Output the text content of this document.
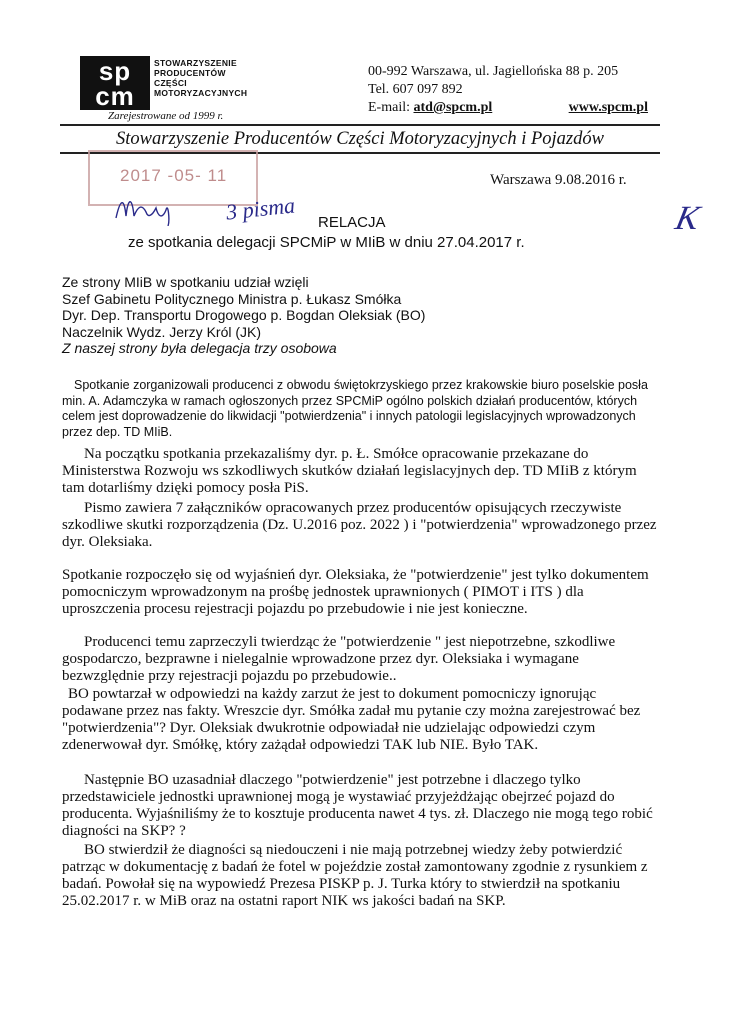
sp
cm
STOWARZYSZENIE
PRODUCENTÓW
CZĘŚCI
MOTORYZACYJNYCH
Zarejestrowane od 1999 r.
00-992 Warszawa, ul. Jagiellońska 88 p. 205
Tel. 607 097 892
E-mail: atd@spcm.pl	www.spcm.pl
Stowarzyszenie Producentów Części Motoryzacyjnych i Pojazdów
2017 -05- 11
3 pisma	K
Warszawa 9.08.2016 r.
RELACJA
ze spotkania delegacji SPCMiP w MIiB w dniu 27.04.2017 r.

Ze strony MIiB w spotkaniu udział wzięli

Szef Gabinetu Politycznego Ministra p. Łukasz Smółka

Dyr. Dep. Transportu Drogowego p. Bogdan Oleksiak (BO)

Naczelnik Wydz. Jerzy Król (JK)

Z naszej strony była delegacja trzy osobowa

Spotkanie zorganizowali producenci z obwodu świętokrzyskiego przez krakowskie biuro poselskie posła min. A. Adamczyka w ramach ogłoszonych przez SPCMiP ogólno polskich działań producentów, których celem jest doprowadzenie do likwidacji "potwierdzenia" i innych patologii legislacyjnych wprowadzonych przez dep. TD MIiB.

Na początku spotkania przekazaliśmy dyr. p. Ł. Smółce opracowanie przekazane do Ministerstwa Rozwoju ws szkodliwych skutków działań legislacyjnych dep. TD MIiB z którym tam dotarliśmy dzięki pomocy posła PiS.

Pismo zawiera 7 załączników opracowanych przez producentów opisujących rzeczywiste szkodliwe skutki rozporządzenia (Dz. U.2016 poz. 2022 ) i "potwierdzenia" wprowadzonego przez dyr. Oleksiaka.

Spotkanie rozpoczęło się od wyjaśnień dyr. Oleksiaka, że "potwierdzenie" jest tylko dokumentem pomocniczym wprowadzonym na prośbę jednostek uprawnionych ( PIMOT i ITS ) dla uproszczenia procesu rejestracji pojazdu po przebudowie i nie jest konieczne.

Producenci temu zaprzeczyli twierdząc że "potwierdzenie " jest niepotrzebne, szkodliwe gospodarczo, bezprawne i nielegalnie wprowadzone przez dyr. Oleksiaka i wymagane bezwzględnie przy rejestracji pojazdu po przebudowie..

BO powtarzał w odpowiedzi na każdy zarzut że jest to dokument pomocniczy ignorując podawane przez nas fakty. Wreszcie dyr. Smółka zadał mu pytanie czy można zarejestrować bez "potwierdzenia"? Dyr. Oleksiak dwukrotnie odpowiadał nie udzielając odpowiedzi czym zdenerwował dyr. Smółkę, który zażądał odpowiedzi TAK lub NIE. Było TAK.

Następnie BO uzasadniał dlaczego "potwierdzenie" jest potrzebne i dlaczego tylko przedstawiciele jednostki uprawnionej mogą je wystawiać przyjeżdżając obejrzeć pojazd do producenta. Wyjaśniliśmy że to kosztuje producenta nawet 4 tys. zł. Dlaczego nie mogą tego robić diagności na SKP? ?

BO stwierdził że diagności są niedouczeni i nie mają potrzebnej wiedzy żeby potwierdzić patrząc w dokumentację z badań że fotel w pojeździe został zamontowany zgodnie z rysunkiem z badań. Powołał się na wypowiedź Prezesa PISKP p. J. Turka który to stwierdził na spotkaniu 25.02.2017 r. w MiB oraz na ostatni raport NIK ws jakości badań na SKP.
